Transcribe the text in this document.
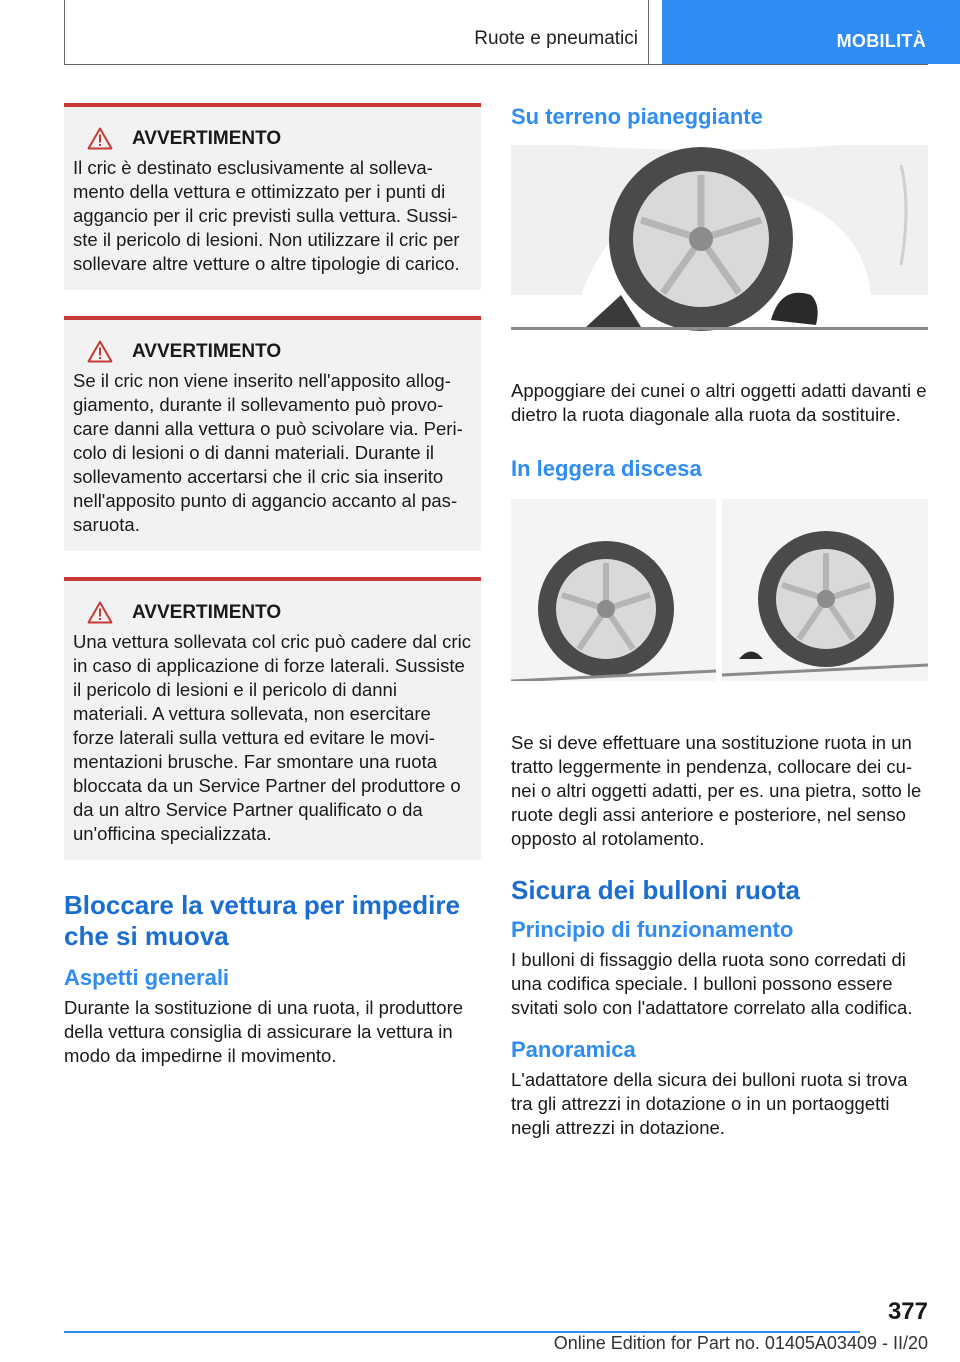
Ruote e pneumatici	MOBILITÀ
AVVERTIMENTO
Il cric è destinato esclusivamente al sollevamento della vettura e ottimizzato per i punti di aggancio per il cric previsti sulla vettura. Sussiste il pericolo di lesioni. Non utilizzare il cric per sollevare altre vetture o altre tipologie di carico.
AVVERTIMENTO
Se il cric non viene inserito nell'apposito alloggiamento, durante il sollevamento può provocare danni alla vettura o può scivolare via. Pericolo di lesioni o di danni materiali. Durante il sollevamento accertarsi che il cric sia inserito nell'apposito punto di aggancio accanto al passaruota.
AVVERTIMENTO
Una vettura sollevata col cric può cadere dal cric in caso di applicazione di forze laterali. Sussiste il pericolo di lesioni e il pericolo di danni materiali. A vettura sollevata, non esercitare forze laterali sulla vettura ed evitare le movimentazioni brusche. Far smontare una ruota bloccata da un Service Partner del produttore o da un altro Service Partner qualificato o da un'officina specializzata.
Bloccare la vettura per impedire che si muova
Aspetti generali

Durante la sostituzione di una ruota, il produttore della vettura consiglia di assicurare la vettura in modo da impedirne il movimento.

Su terreno pianeggiante

Appoggiare dei cunei o altri oggetti adatti davanti e dietro la ruota diagonale alla ruota da sostituire.

In leggera discesa

Se si deve effettuare una sostituzione ruota in un tratto leggermente in pendenza, collocare dei cunei o altri oggetti adatti, per es. una pietra, sotto le ruote degli assi anteriore e posteriore, nel senso opposto al rotolamento.

Sicura dei bulloni ruota
Principio di funzionamento

I bulloni di fissaggio della ruota sono corredati di una codifica speciale. I bulloni possono essere svitati solo con l'adattatore correlato alla codifica.

Panoramica

L'adattatore della sicura dei bulloni ruota si trova tra gli attrezzi in dotazione o in un portaoggetti negli attrezzi in dotazione.

377
Online Edition for Part no. 01405A03409 - II/20
